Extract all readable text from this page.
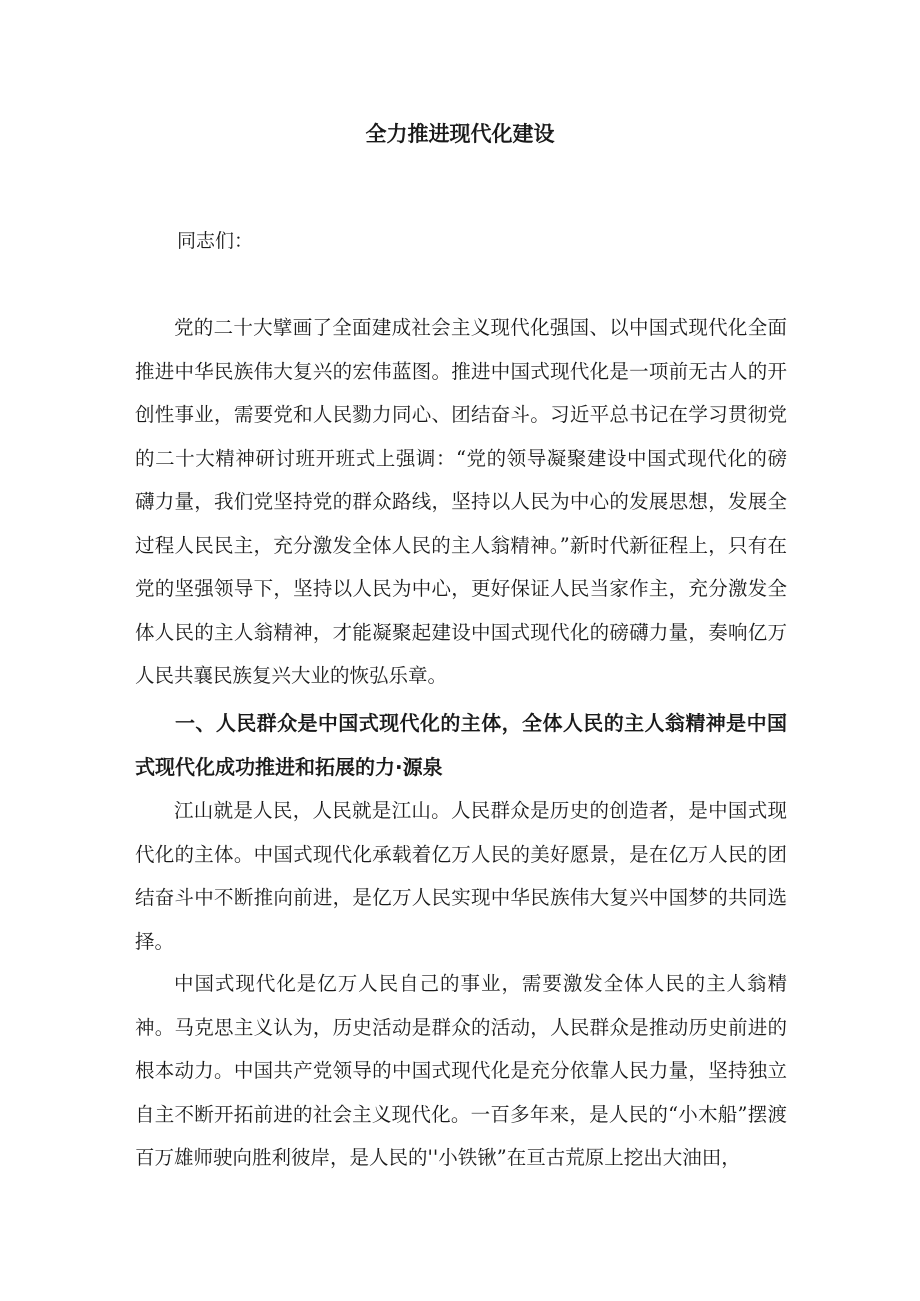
全力推进现代化建设
同志们：

党的二十大擘画了全面建成社会主义现代化强国、以中国式现代化全面推进中华民族伟大复兴的宏伟蓝图。推进中国式现代化是一项前无古人的开创性事业，需要党和人民勠力同心、团结奋斗。习近平总书记在学习贯彻党的二十大精神研讨班开班式上强调：“党的领导凝聚建设中国式现代化的磅礴力量，我们党坚持党的群众路线，坚持以人民为中心的发展思想，发展全过程人民民主，充分激发全体人民的主人翁精神。”新时代新征程上，只有在党的坚强领导下，坚持以人民为中心，更好保证人民当家作主，充分激发全体人民的主人翁精神，才能凝聚起建设中国式现代化的磅礴力量，奏响亿万人民共襄民族复兴大业的恢弘乐章。

一、人民群众是中国式现代化的主体，全体人民的主人翁精神是中国式现代化成功推进和拓展的力·源泉

江山就是人民，人民就是江山。人民群众是历史的创造者，是中国式现代化的主体。中国式现代化承载着亿万人民的美好愿景，是在亿万人民的团结奋斗中不断推向前进，是亿万人民实现中华民族伟大复兴中国梦的共同选择。

中国式现代化是亿万人民自己的事业，需要激发全体人民的主人翁精神。马克思主义认为，历史活动是群众的活动，人民群众是推动历史前进的根本动力。中国共产党领导的中国式现代化是充分依靠人民力量，坚持独立自主不断开拓前进的社会主义现代化。一百多年来，是人民的“小木船”摆渡百万雄师驶向胜利彼岸，是人民的''小铁锹”在亘古荒原上挖出大油田，
